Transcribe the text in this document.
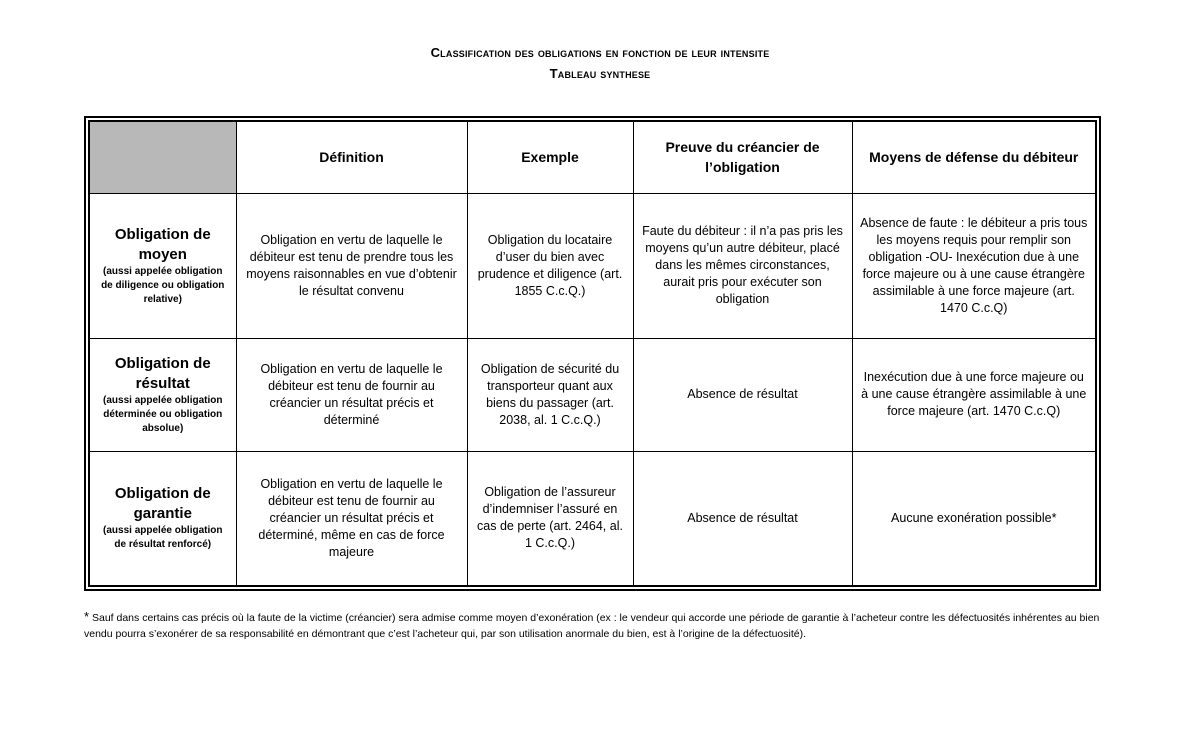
Classification des obligations en fonction de leur intensite
Tableau synthese
	Définition	Exemple	Preuve du créancier de l’obligation	Moyens de défense du débiteur

Obligation de moyen
(aussi appelée obligation de diligence ou obligation relative)	Obligation en vertu de laquelle le débiteur est tenu de prendre tous les moyens raisonnables en vue d’obtenir le résultat convenu	Obligation du locataire d’user du bien avec prudence et diligence (art. 1855 C.c.Q.)	Faute du débiteur : il n’a pas pris les moyens qu’un autre débiteur, placé dans les mêmes circonstances, aurait pris pour exécuter son obligation	Absence de faute : le débiteur a pris tous les moyens requis pour remplir son obligation -OU- Inexécution due à une force majeure ou à une cause étrangère assimilable à une force majeure (art. 1470 C.c.Q)

Obligation de résultat
(aussi appelée obligation déterminée ou obligation absolue)	Obligation en vertu de laquelle le débiteur est tenu de fournir au créancier un résultat précis et déterminé	Obligation de sécurité du transporteur quant aux biens du passager (art. 2038, al. 1 C.c.Q.)	Absence de résultat	Inexécution due à une force majeure ou à une cause étrangère assimilable à une force majeure (art. 1470 C.c.Q)

Obligation de garantie
(aussi appelée obligation de résultat renforcé)	Obligation en vertu de laquelle le débiteur est tenu de fournir au créancier un résultat précis et déterminé, même en cas de force majeure	Obligation de l’assureur d’indemniser l’assuré en cas de perte (art. 2464, al. 1 C.c.Q.)	Absence de résultat	Aucune exonération possible*
* Sauf dans certains cas précis où la faute de la victime (créancier) sera admise comme moyen d’exonération (ex : le vendeur qui accorde une période de garantie à l’acheteur contre les défectuosités inhérentes au bien vendu pourra s’exonérer de sa responsabilité en démontrant que c’est l’acheteur qui, par son utilisation anormale du bien, est à l’origine de la défectuosité).
